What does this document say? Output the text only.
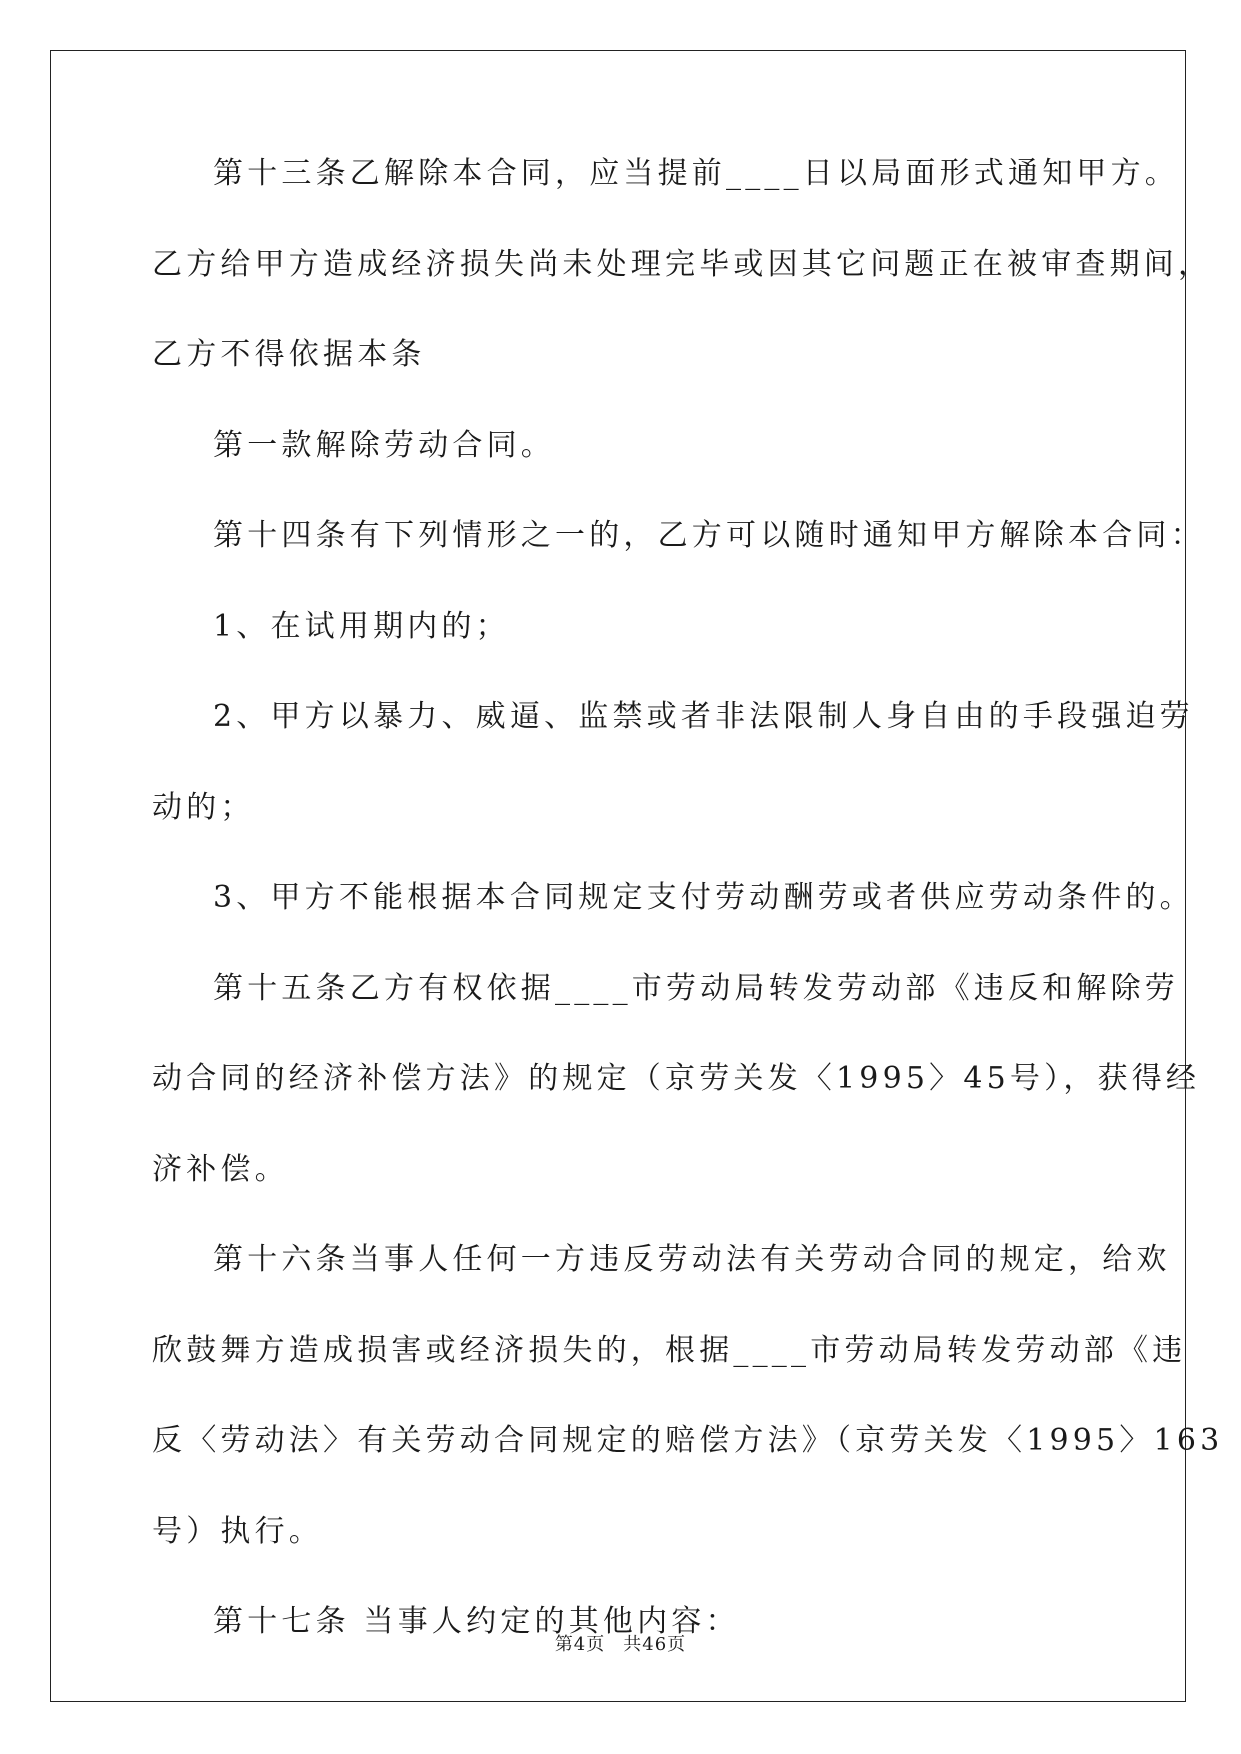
第十三条乙解除本合同，应当提前____日以局面形式通知甲方。
乙方给甲方造成经济损失尚未处理完毕或因其它问题正在被审查期间，
乙方不得依据本条
第一款解除劳动合同。
第十四条有下列情形之一的，乙方可以随时通知甲方解除本合同：
1、在试用期内的；
2、甲方以暴力、威逼、监禁或者非法限制人身自由的手段强迫劳
动的；
3、甲方不能根据本合同规定支付劳动酬劳或者供应劳动条件的。
第十五条乙方有权依据____市劳动局转发劳动部《违反和解除劳
动合同的经济补偿方法》的规定（京劳关发〈1995〉45号），获得经
济补偿。
第十六条当事人任何一方违反劳动法有关劳动合同的规定，给欢
欣鼓舞方造成损害或经济损失的，根据____市劳动局转发劳动部《违
反〈劳动法〉有关劳动合同规定的赔偿方法》（京劳关发〈1995〉163
号）执行。
第十七条 当事人约定的其他内容：
第4页 共46页
